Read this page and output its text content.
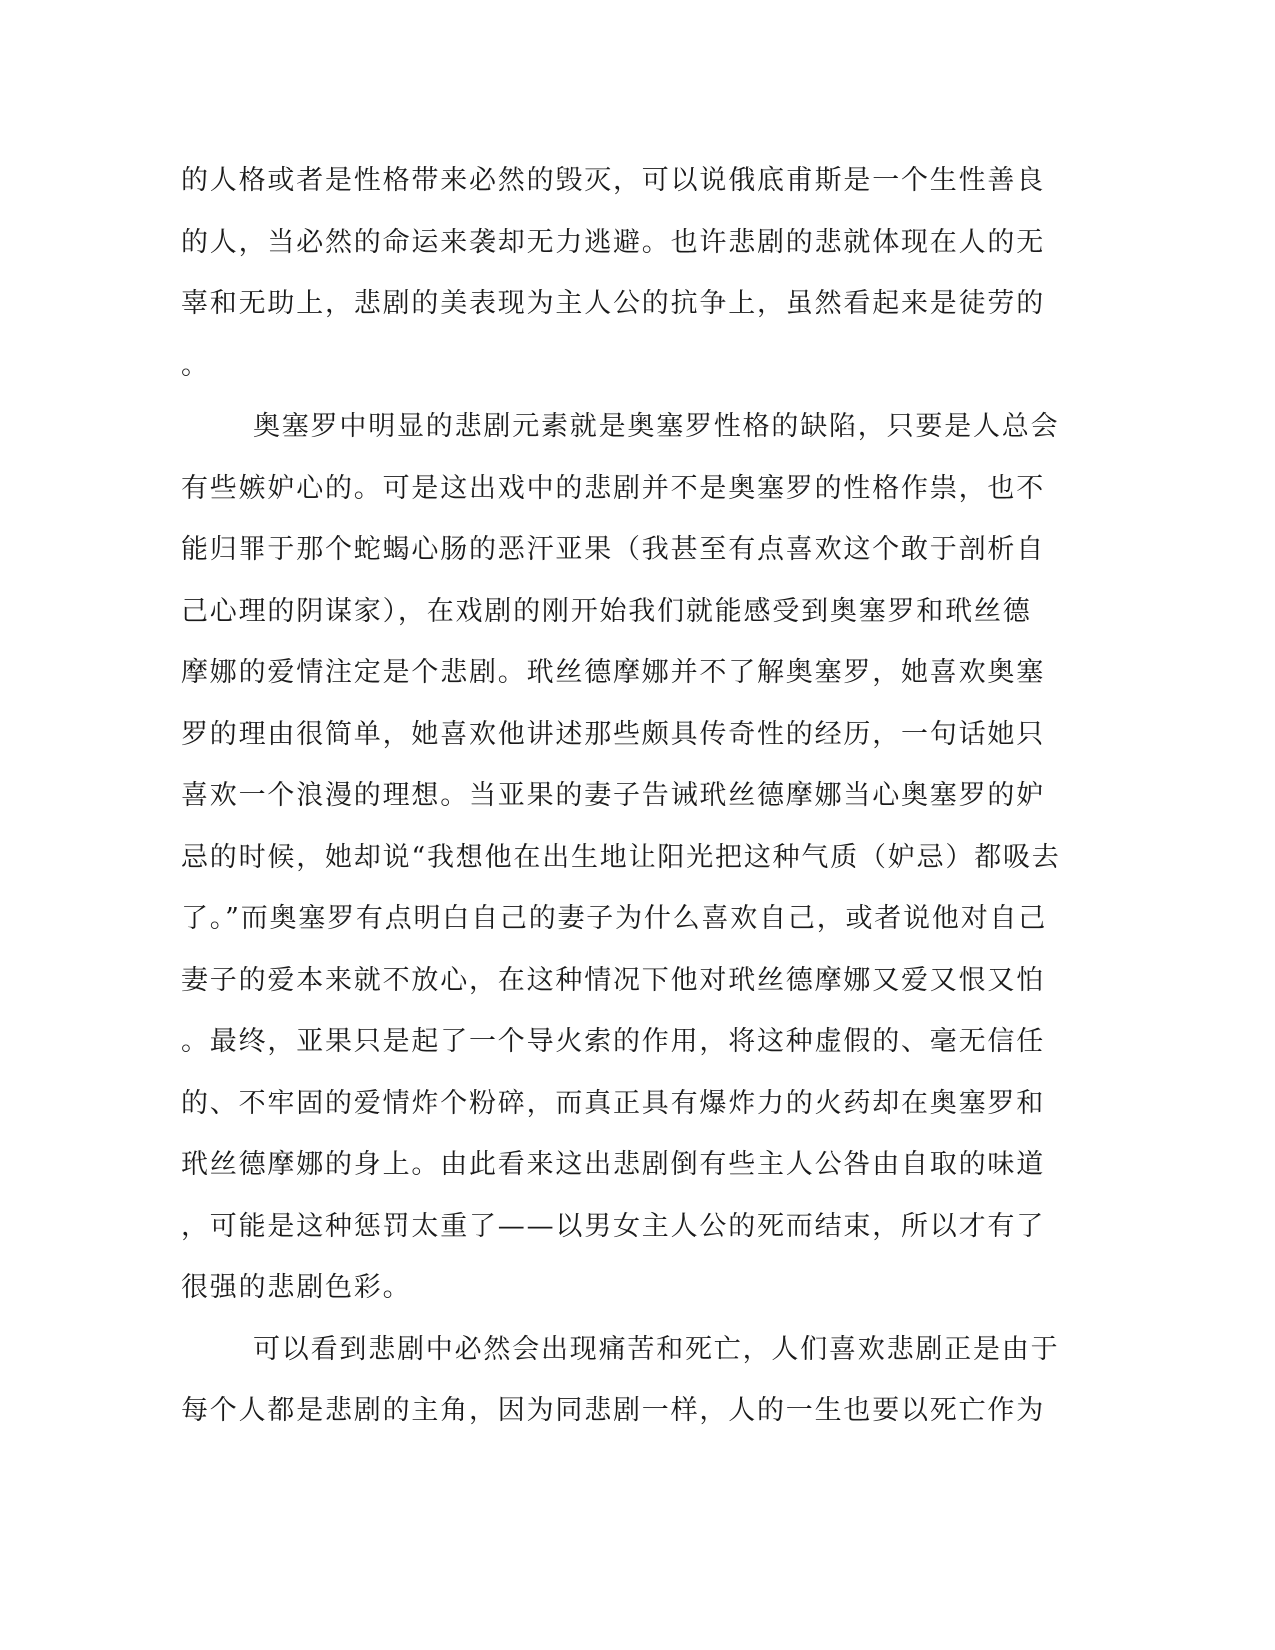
的人格或者是性格带来必然的毁灭，可以说俄底甫斯是一个生性善良
的人，当必然的命运来袭却无力逃避。也许悲剧的悲就体现在人的无
辜和无助上，悲剧的美表现为主人公的抗争上，虽然看起来是徒劳的
。
奥塞罗中明显的悲剧元素就是奥塞罗性格的缺陷，只要是人总会
有些嫉妒心的。可是这出戏中的悲剧并不是奥塞罗的性格作祟，也不
能归罪于那个蛇蝎心肠的恶汗亚果（我甚至有点喜欢这个敢于剖析自
己心理的阴谋家），在戏剧的刚开始我们就能感受到奥塞罗和玳丝德
摩娜的爱情注定是个悲剧。玳丝德摩娜并不了解奥塞罗，她喜欢奥塞
罗的理由很简单，她喜欢他讲述那些颇具传奇性的经历，一句话她只
喜欢一个浪漫的理想。当亚果的妻子告诫玳丝德摩娜当心奥塞罗的妒
忌的时候，她却说“我想他在出生地让阳光把这种气质（妒忌）都吸去
了。”而奥塞罗有点明白自己的妻子为什么喜欢自己，或者说他对自己
妻子的爱本来就不放心，在这种情况下他对玳丝德摩娜又爱又恨又怕
。最终，亚果只是起了一个导火索的作用，将这种虚假的、毫无信任
的、不牢固的爱情炸个粉碎，而真正具有爆炸力的火药却在奥塞罗和
玳丝德摩娜的身上。由此看来这出悲剧倒有些主人公咎由自取的味道
，可能是这种惩罚太重了——以男女主人公的死而结束，所以才有了
很强的悲剧色彩。
可以看到悲剧中必然会出现痛苦和死亡，人们喜欢悲剧正是由于
每个人都是悲剧的主角，因为同悲剧一样，人的一生也要以死亡作为
